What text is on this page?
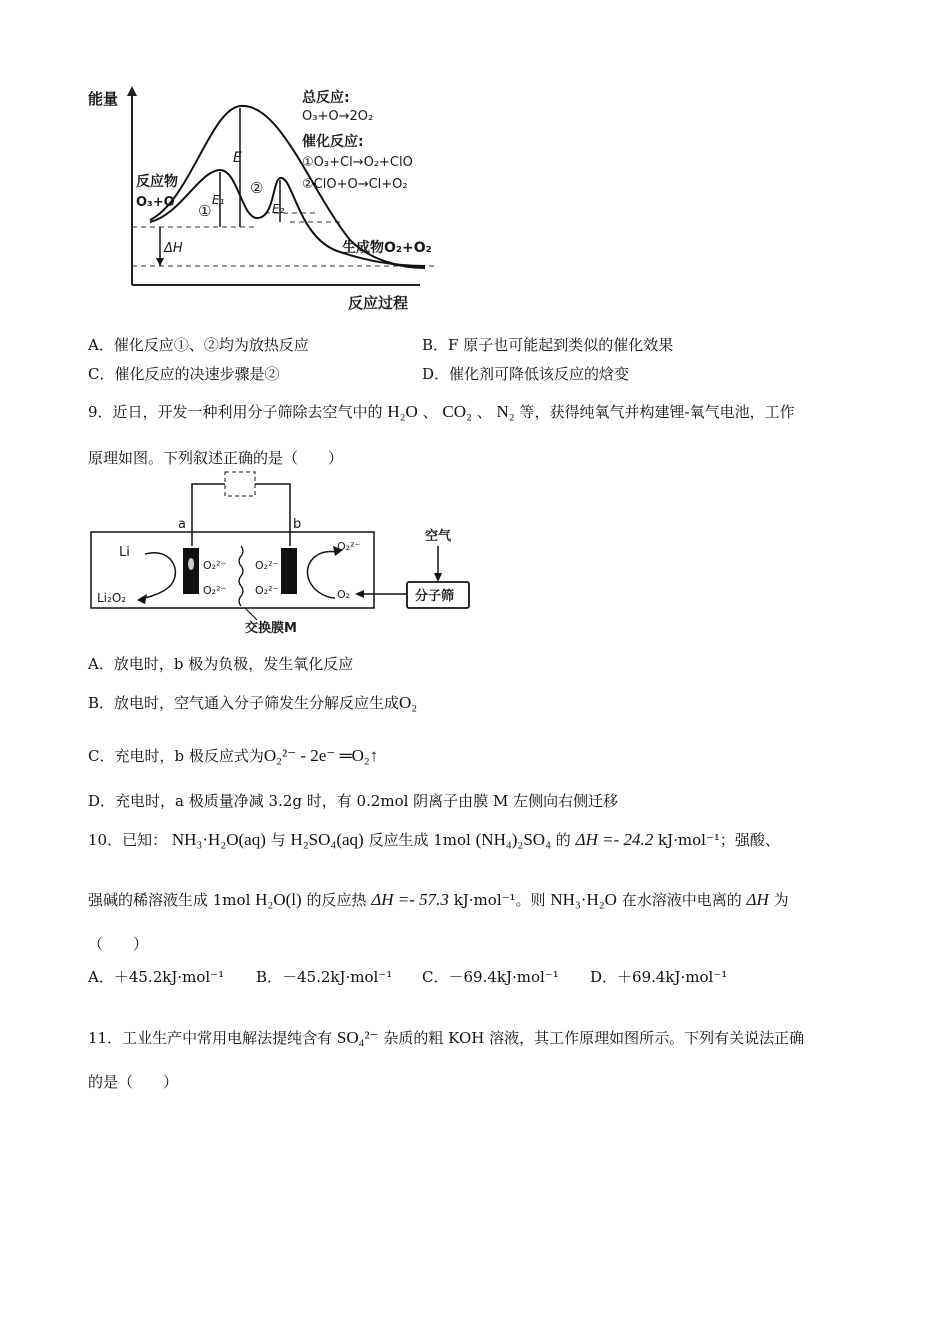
能量
反应过程
E
E₁
E₂
①
②
ΔH
反应物
O₃+O
生成物O₂+O₂
总反应:
O₃+O→2O₂
催化反应:
①O₃+Cl→O₂+ClO
②ClO+O→Cl+O₂
A．催化反应①、②均为放热反应	B．F 原子也可能起到类似的催化效果
C．催化反应的决速步骤是②	D．催化剂可降低该反应的焓变
9．近日，开发一种利用分子筛除去空气中的 H₂O 、 CO₂ 、 N₂ 等，获得纯氧气并构建锂-氧气电池，工作
原理如图。下列叙述正确的是（　　）
a	b
交换膜M
Li
Li₂O₂
O₂²⁻
O₂²⁻
O₂²⁻
O₂²⁻
O₂²⁻
O₂	分子筛
空气
A．放电时，b 极为负极，发生氧化反应
B．放电时，空气通入分子筛发生分解反应生成O₂
C．充电时，b 极反应式为O₂²⁻ - 2e⁻ ═O₂↑
D．充电时，a 极质量净减 3.2g 时，有 0.2mol 阴离子由膜 M 左侧向右侧迁移
10．已知： NH₃·H₂O(aq) 与 H₂SO₄(aq) 反应生成 1mol (NH₄)₂SO₄ 的 ΔH =- 24.2 kJ·mol⁻¹；强酸、
强碱的稀溶液生成 1mol H₂O(l) 的反应热 ΔH =- 57.3 kJ·mol⁻¹。则 NH₃·H₂O 在水溶液中电离的 ΔH 为
（　　）
A．＋45.2kJ·mol⁻¹ B．－45.2kJ·mol⁻¹ C．－69.4kJ·mol⁻¹ D．＋69.4kJ·mol⁻¹
11．工业生产中常用电解法提纯含有 SO₄²⁻ 杂质的粗 KOH 溶液，其工作原理如图所示。下列有关说法正确
的是（　　）
